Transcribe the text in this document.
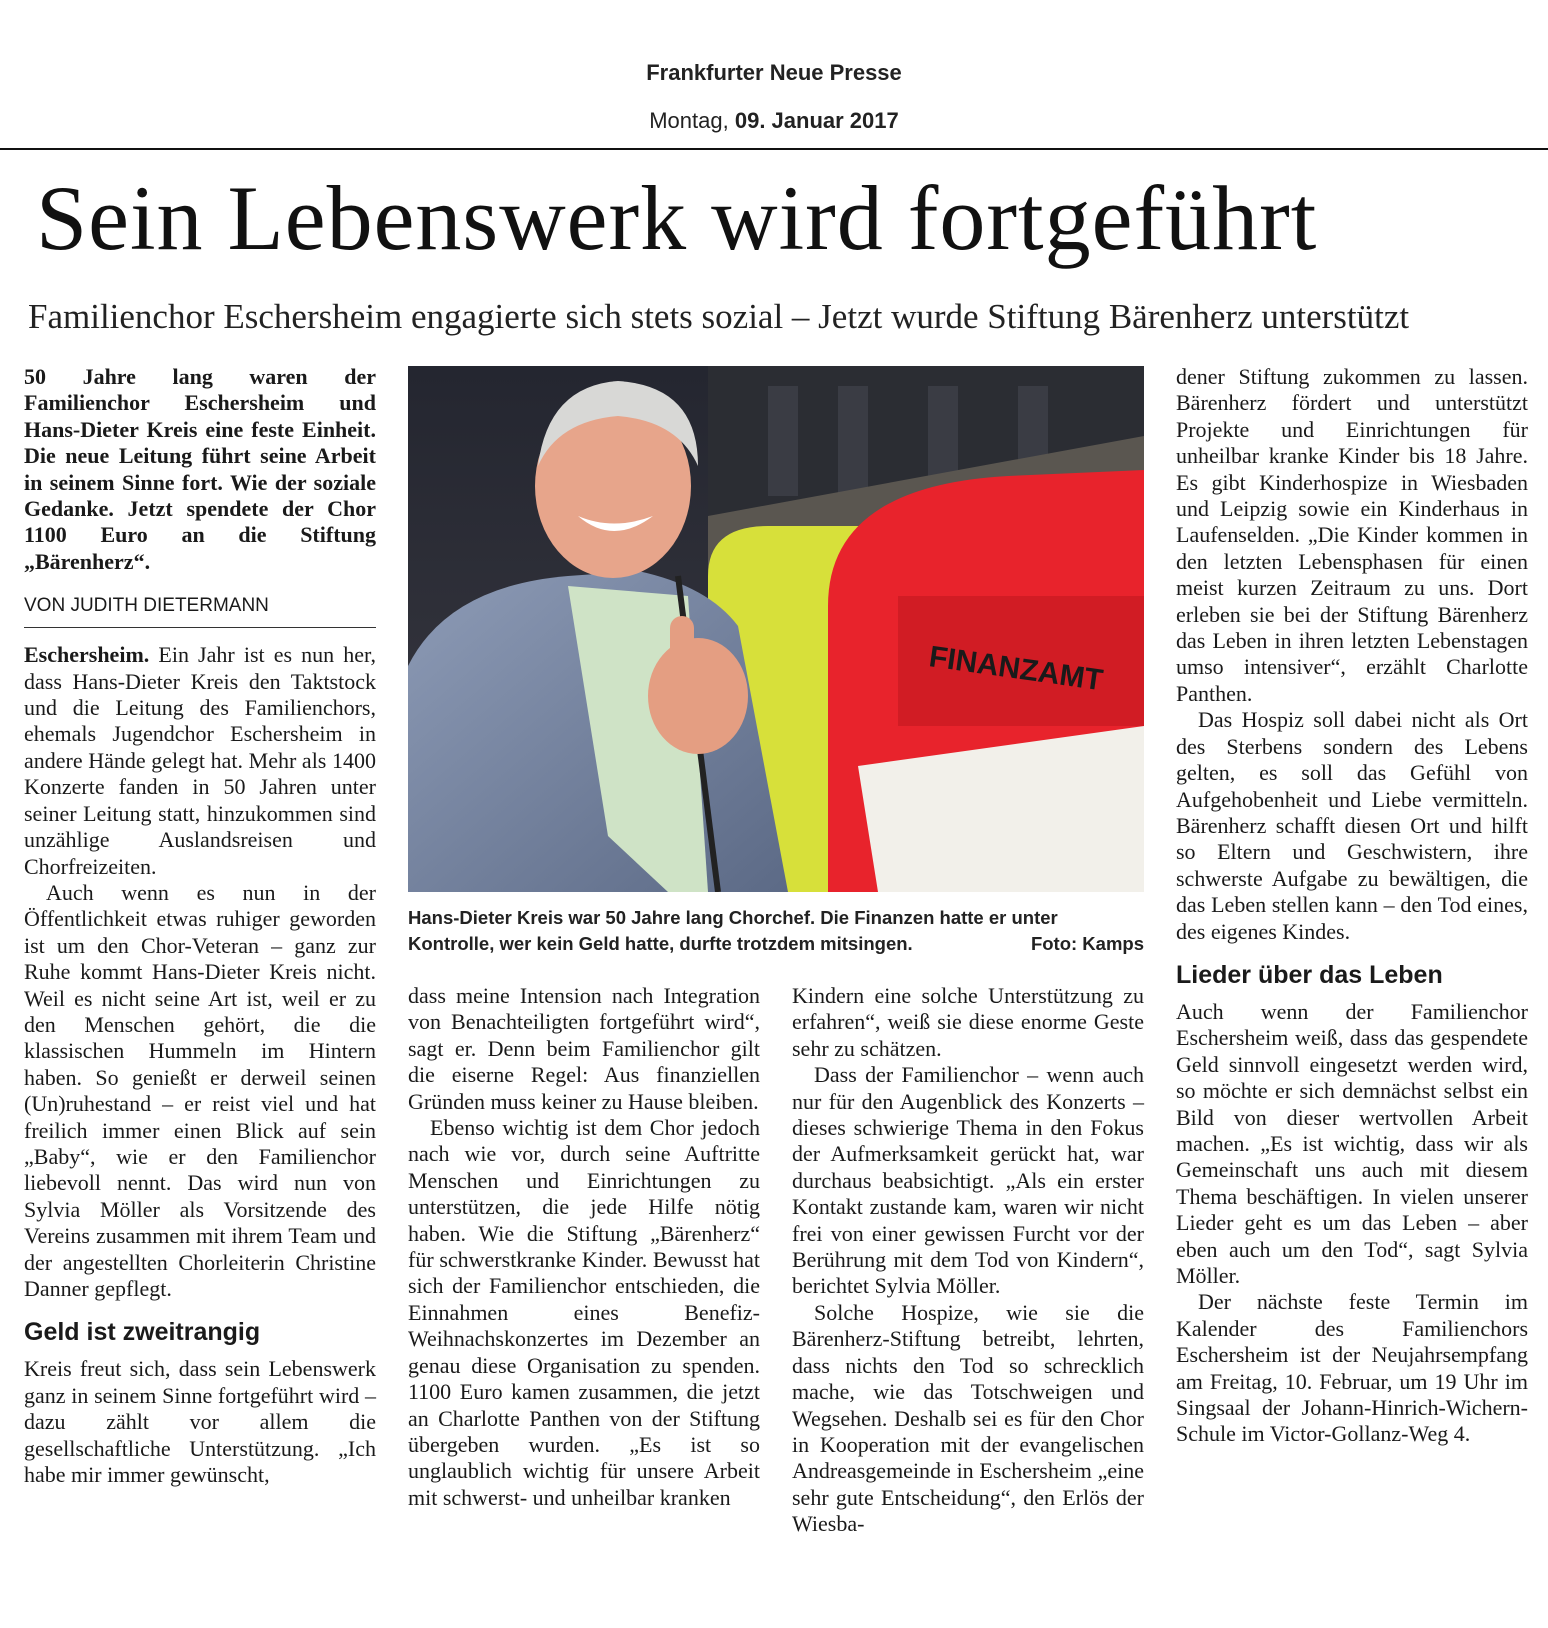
Frankfurter Neue Presse
Montag, 09. Januar 2017
Sein Lebenswerk wird fortgeführt
Familienchor Eschersheim engagierte sich stets sozial – Jetzt wurde Stiftung Bärenherz unterstützt

50 Jahre lang waren der Familienchor Eschersheim und Hans-Dieter Kreis eine feste Einheit. Die neue Leitung führt seine Arbeit in seinem Sinne fort. Wie der soziale Gedanke. Jetzt spendete der Chor 1100 Euro an die Stiftung „Bärenherz“.

VON JUDITH DIETERMANN

Eschersheim. Ein Jahr ist es nun her, dass Hans-Dieter Kreis den Taktstock und die Leitung des Familienchors, ehemals Jugendchor Eschersheim in andere Hände gelegt hat. Mehr als 1400 Konzerte fanden in 50 Jahren unter seiner Leitung statt, hinzukommen sind unzählige Auslandsreisen und Chorfreizeiten.

Auch wenn es nun in der Öffentlichkeit etwas ruhiger geworden ist um den Chor-Veteran – ganz zur Ruhe kommt Hans-Dieter Kreis nicht. Weil es nicht seine Art ist, weil er zu den Menschen gehört, die die klassischen Hummeln im Hintern haben. So genießt er derweil seinen (Un)ruhestand – er reist viel und hat freilich immer einen Blick auf sein „Baby“, wie er den Familienchor liebevoll nennt. Das wird nun von Sylvia Möller als Vorsitzende des Vereins zusammen mit ihrem Team und der angestellten Chorleiterin Christine Danner gepflegt.

Geld ist zweitrangig

Kreis freut sich, dass sein Lebenswerk ganz in seinem Sinne fortgeführt wird – dazu zählt vor allem die gesellschaftliche Unterstützung. „Ich habe mir immer gewünscht,

FINANZAMT
Hans-Dieter Kreis war 50 Jahre lang Chorchef. Die Finanzen hatte er unter Kontrolle, wer kein Geld hatte, durfte trotzdem mitsingen.	Foto: Kamps

dass meine Intension nach Integration von Benachteiligten fortgeführt wird“, sagt er. Denn beim Familienchor gilt die eiserne Regel: Aus finanziellen Gründen muss keiner zu Hause bleiben.

Ebenso wichtig ist dem Chor jedoch nach wie vor, durch seine Auftritte Menschen und Einrichtungen zu unterstützen, die jede Hilfe nötig haben. Wie die Stiftung „Bärenherz“ für schwerstkranke Kinder. Bewusst hat sich der Familienchor entschieden, die Einnahmen eines Benefiz-Weihnachskonzertes im Dezember an genau diese Organisation zu spenden. 1100 Euro kamen zusammen, die jetzt an Charlotte Panthen von der Stiftung übergeben wurden. „Es ist so unglaublich wichtig für unsere Arbeit mit schwerst- und unheilbar kranken

Kindern eine solche Unterstützung zu erfahren“, weiß sie diese enorme Geste sehr zu schätzen.

Dass der Familienchor – wenn auch nur für den Augenblick des Konzerts – dieses schwierige Thema in den Fokus der Aufmerksamkeit gerückt hat, war durchaus beabsichtigt. „Als ein erster Kontakt zustande kam, waren wir nicht frei von einer gewissen Furcht vor der Berührung mit dem Tod von Kindern“, berichtet Sylvia Möller.

Solche Hospize, wie sie die Bärenherz-Stiftung betreibt, lehrten, dass nichts den Tod so schrecklich mache, wie das Totschweigen und Wegsehen. Deshalb sei es für den Chor in Kooperation mit der evangelischen Andreasgemeinde in Eschersheim „eine sehr gute Entscheidung“, den Erlös der Wiesba-

dener Stiftung zukommen zu lassen. Bärenherz fördert und unterstützt Projekte und Einrichtungen für unheilbar kranke Kinder bis 18 Jahre. Es gibt Kinderhospize in Wiesbaden und Leipzig sowie ein Kinderhaus in Laufenselden. „Die Kinder kommen in den letzten Lebensphasen für einen meist kurzen Zeitraum zu uns. Dort erleben sie bei der Stiftung Bärenherz das Leben in ihren letzten Lebenstagen umso intensiver“, erzählt Charlotte Panthen.

Das Hospiz soll dabei nicht als Ort des Sterbens sondern des Lebens gelten, es soll das Gefühl von Aufgehobenheit und Liebe vermitteln. Bärenherz schafft diesen Ort und hilft so Eltern und Geschwistern, ihre schwerste Aufgabe zu bewältigen, die das Leben stellen kann – den Tod eines, des eigenes Kindes.

Lieder über das Leben

Auch wenn der Familienchor Eschersheim weiß, dass das gespendete Geld sinnvoll eingesetzt werden wird, so möchte er sich demnächst selbst ein Bild von dieser wertvollen Arbeit machen. „Es ist wichtig, dass wir als Gemeinschaft uns auch mit diesem Thema beschäftigen. In vielen unserer Lieder geht es um das Leben – aber eben auch um den Tod“, sagt Sylvia Möller.

Der nächste feste Termin im Kalender des Familienchors Eschersheim ist der Neujahrsempfang am Freitag, 10. Februar, um 19 Uhr im Singsaal der Johann-Hinrich-Wichern-Schule im Victor-Gollanz-Weg 4.
